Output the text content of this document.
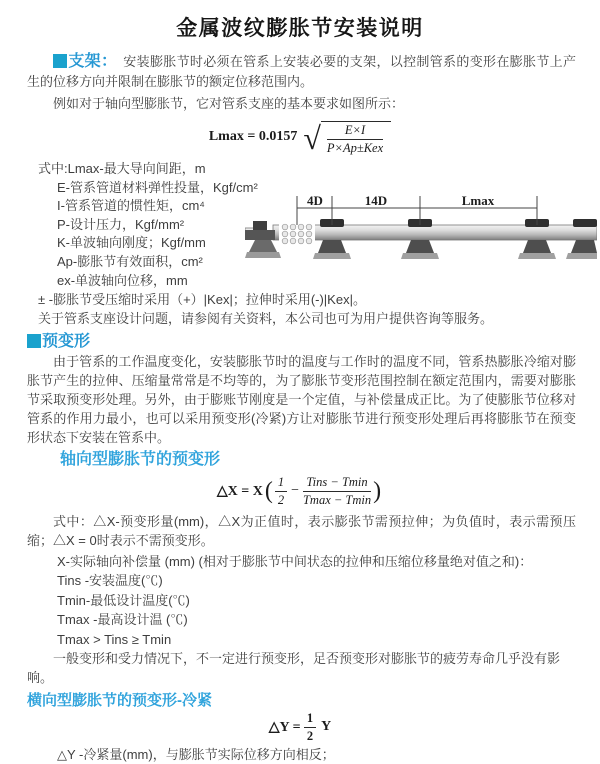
金属波纹膨胀节安装说明

支架： 安装膨胀节时必须在管系上安装必要的支架，以控制管系的变形在膨胀节上产生的位移方向并限制在膨胀节的额定位移范围内。

例如对于轴向型膨胀节，它对管系支座的基本要求如图所示：

Lmax = 0.0157 √ $\frac{E\times I}{\text{P×Ap±Kex}}$
式中:Lmax-最大导向间距，m
E-管系管道材料弹性投量，Kgf/cm²
I-管系管道的惯性矩，cm⁴
P-设计压力，Kgf/mm²
K-单波轴向刚度；Kgf/mm
Ap-膨胀节有效面积，cm²
ex-单波轴向位移，mm
4D	14D	Lmax
± -膨胀节受压缩时采用（+）|Kex|；拉伸时采用(-)|Kex|。
关于管系支座设计问题，请参阅有关资料，本公司也可为用户提供咨询等服务。
预变形

由于管系的工作温度变化，安装膨胀节时的温度与工作时的温度不同，管系热膨胀冷缩对膨胀节产生的拉伸、压缩量常常是不均等的，为了膨胀节变形范围控制在额定范围内，需要对膨胀节采取预变形处理。另外，由于膨账节刚度是一个定值，与补偿量成正比。为了使膨胀节位移对管系的作用力最小，也可以采用预变形(冷紧)方让对膨胀节进行预变形处理后再将膨胀节在预变形状态下安装在管系中。

轴向型膨胀节的预变形
△X = X ( $\frac{1}{2} - \frac{\text{Tins − Tmin}}{Tmax - Tmin}$ )

式中：△X-预变形量(mm)，△X为正值时，表示膨张节需预拉伸；为负值时，表示需预压缩；△X = 0时表示不需预变形。

X-实际轴向补偿量 (mm) (相对于膨胀节中间状态的拉伸和压缩位移量绝对值之和)：
Tins -安装温度(℃)
Tmin-最低设计温度(℃)
Tmax -最高设计温 (℃)
Tmax > Tins ≥ Tmin
一般变形和受力情况下，不一定进行预变形，足否预变形对膨胀节的疲劳寿命几乎没有影响。
横向型膨胀节的预变形-冷紧
△Y =
$\frac{1}{2}$ Y
△Y -冷紧量(mm)，与膨胀节实际位移方向相反；
